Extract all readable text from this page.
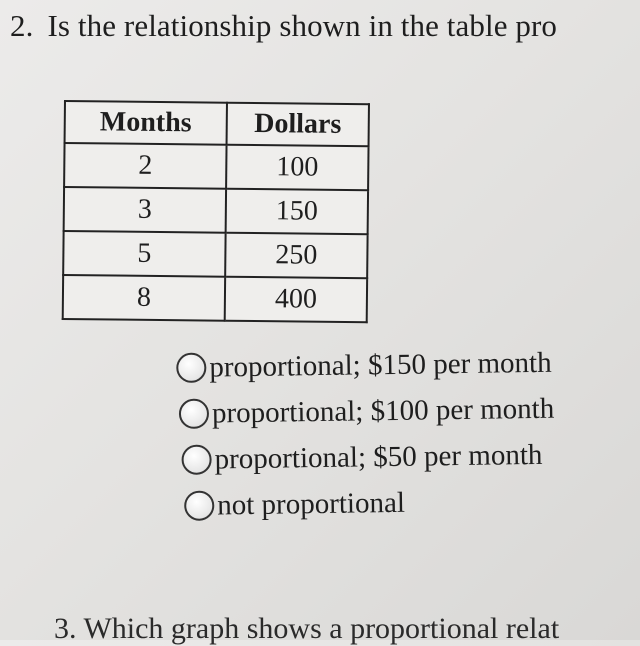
2. Is the relationship shown in the table pro
Months	Dollars
2	100
3	150
5	250
8	400
proportional; $150 per month
proportional; $100 per month
proportional; $50 per month
not proportional
3. Which graph shows a proportional relat
